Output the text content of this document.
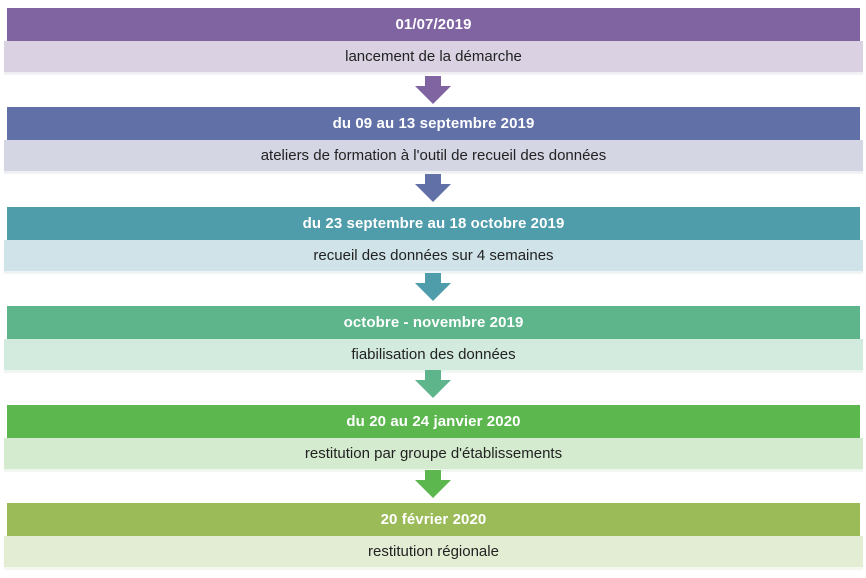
01/07/2019
lancement de la démarche
du 09 au 13 septembre 2019
ateliers de formation à l'outil de recueil des données
du 23 septembre au 18 octobre 2019
recueil des données sur 4 semaines
octobre - novembre 2019
fiabilisation des données
du 20 au 24 janvier 2020
restitution par groupe d'établissements
20 février 2020
restitution régionale
